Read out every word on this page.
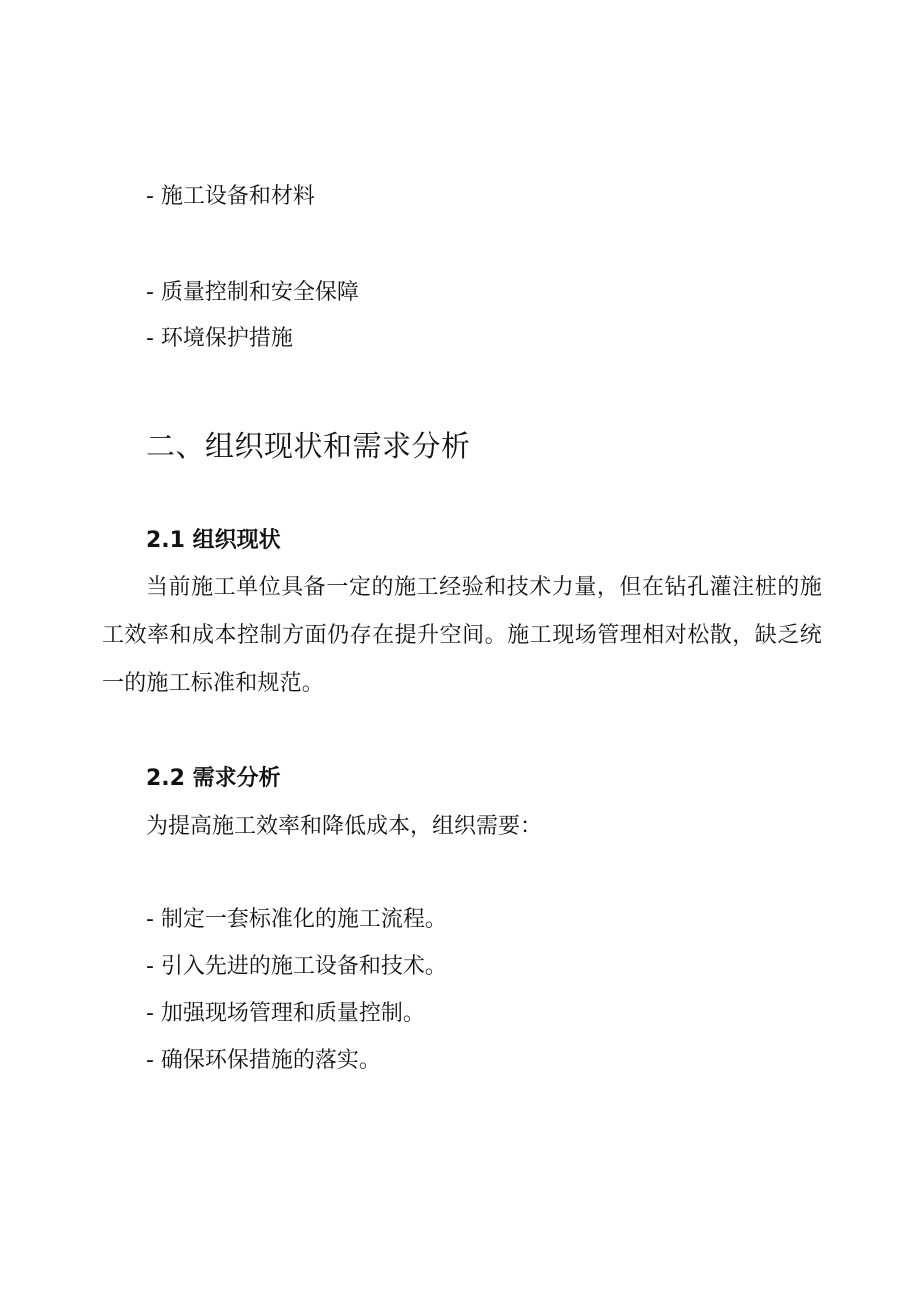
- 施工设备和材料
- 质量控制和安全保障
- 环境保护措施
二、组织现状和需求分析
2.1 组织现状
当前施工单位具备一定的施工经验和技术力量，但在钻孔灌注桩的施工效率和成本控制方面仍存在提升空间。施工现场管理相对松散，缺乏统一的施工标准和规范。
2.2 需求分析
为提高施工效率和降低成本，组织需要：
- 制定一套标准化的施工流程。
- 引入先进的施工设备和技术。
- 加强现场管理和质量控制。
- 确保环保措施的落实。
